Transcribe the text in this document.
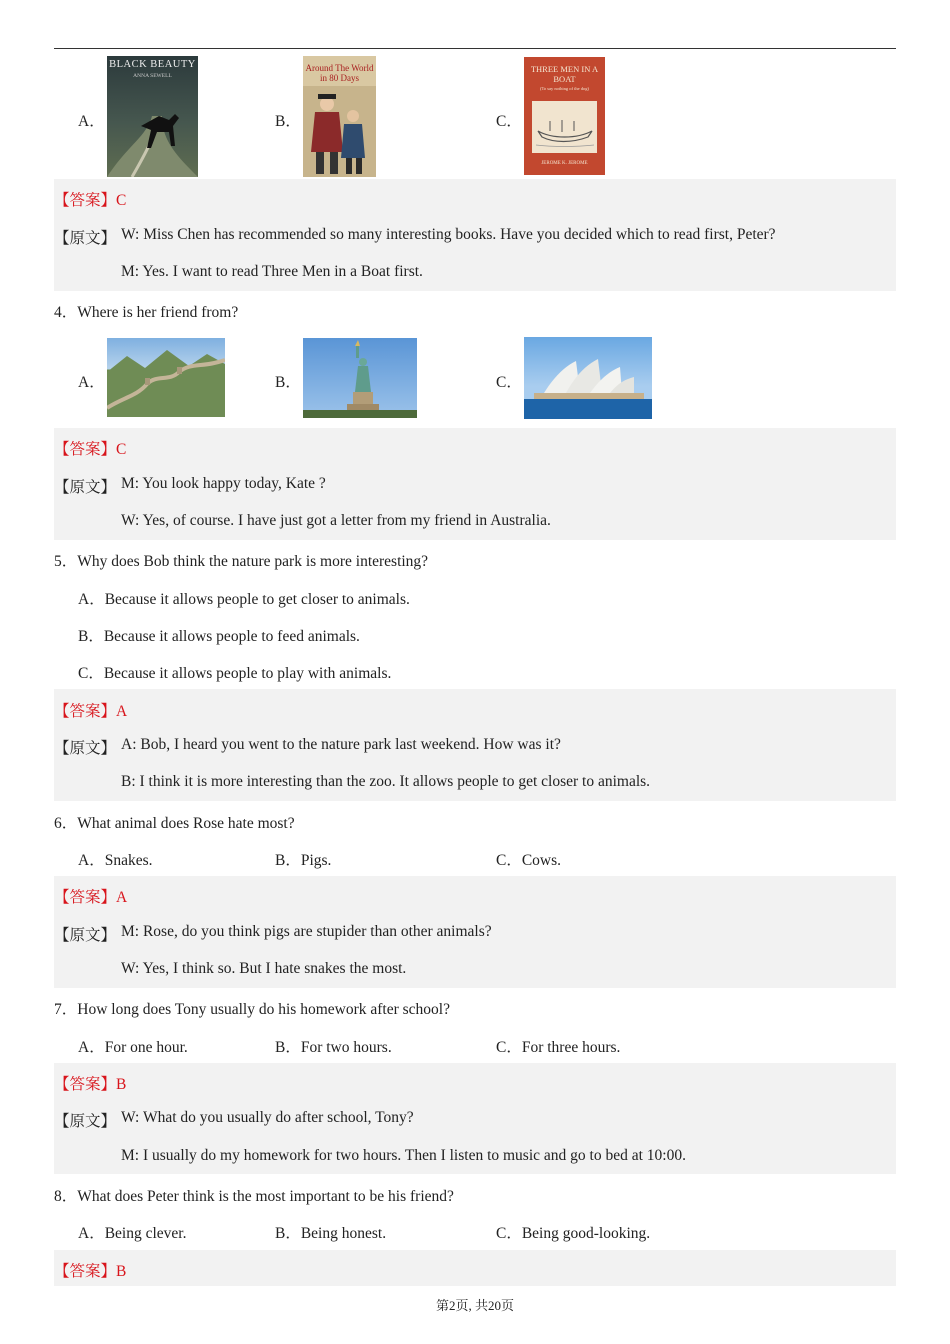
A．
BLACK BEAUTY
ANNA SEWELL
B．
Around The World in 80 Days
C．
THREE MEN IN A BOAT
(To say nothing of the dog)
JEROME K. JEROME
【答案】C
【原文】 W: Miss Chen has recommended so many interesting books. Have you decided which to read first, Peter?
M: Yes. I want to read Three Men in a Boat first.
4．Where is her friend from?
A．	B．	C．
【答案】C
【原文】 M: You look happy today, Kate ?
W: Yes, of course. I have just got a letter from my friend in Australia.
5．Why does Bob think the nature park is more interesting?
A．Because it allows people to get closer to animals.
B．Because it allows people to feed animals.
C．Because it allows people to play with animals.
【答案】A
【原文】 A: Bob, I heard you went to the nature park last weekend. How was it?
B: I think it is more interesting than the zoo. It allows people to get closer to animals.
6．What animal does Rose hate most?
A．Snakes.	B．Pigs.	C．Cows.
【答案】A
【原文】 M: Rose, do you think pigs are stupider than other animals?
W: Yes, I think so. But I hate snakes the most.
7．How long does Tony usually do his homework after school?
A．For one hour.	B．For two hours.	C．For three hours.
【答案】B
【原文】 W: What do you usually do after school, Tony?
M: I usually do my homework for two hours. Then I listen to music and go to bed at 10:00.
8．What does Peter think is the most important to be his friend?
A．Being clever.	B．Being honest.	C．Being good-looking.
【答案】B
第2页, 共20页
